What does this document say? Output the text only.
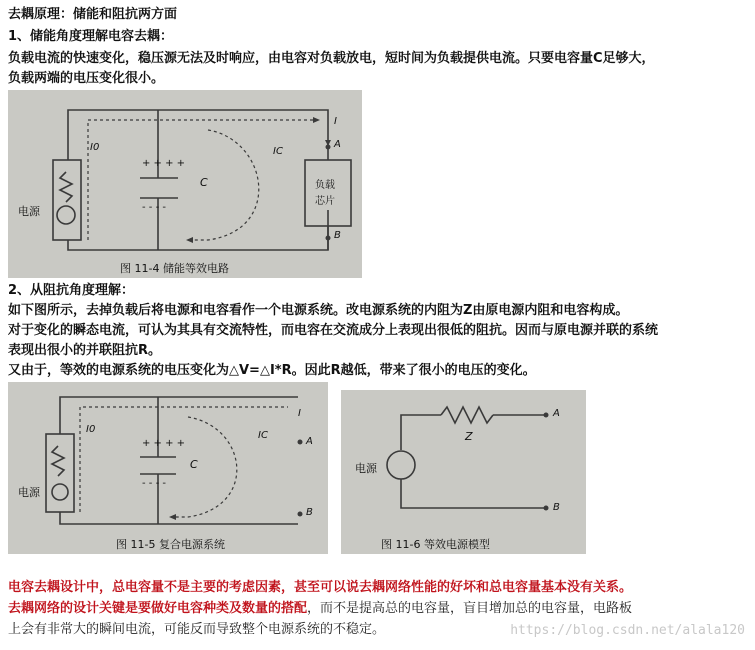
去耦原理：储能和阻抗两方面
1、储能角度理解电容去耦：
负载电流的快速变化，稳压源无法及时响应，由电容对负载放电，短时间为负载提供电流。只要电容量C足够大，
负载两端的电压变化很小。
电源
I0
I
IC
C
+ + + +
- - - -
A
B
负载
芯片
图 11-4 储能等效电路
2、从阻抗角度理解：
如下图所示，去掉负载后将电源和电容看作一个电源系统。改电源系统的内阻为Z由原电源内阻和电容构成。
对于变化的瞬态电流，可认为其具有交流特性，而电容在交流成分上表现出很低的阻抗。因而与原电源并联的系统
表现出很小的并联阻抗R。
又由于，等效的电源系统的电压变化为△V=△I*R。因此R越低，带来了很小的电压的变化。
电源
I0
I
IC
C
+ + + +
- - - -
A
B
图 11-5 复合电源系统
电源
Z
A
B
图 11-6 等效电源模型
电容去耦设计中，总电容量不是主要的考虑因素，甚至可以说去耦网络性能的好坏和总电容量基本没有关系。
去耦网络的设计关键是要做好电容种类及数量的搭配，而不是提高总的电容量，盲目增加总的电容量，电路板
上会有非常大的瞬间电流，可能反而导致整个电源系统的不稳定。	https://blog.csdn.net/alala120
